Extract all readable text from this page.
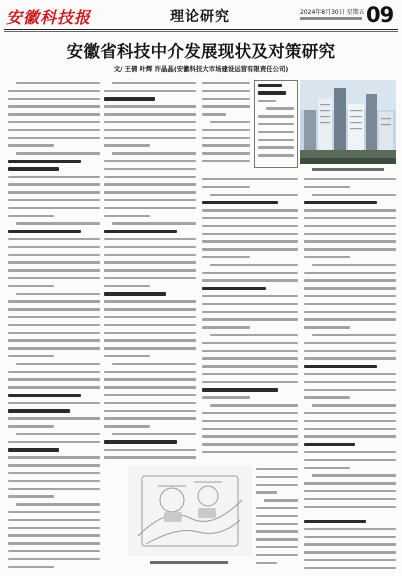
安徽科技报	理论研究	2024年8月30日 星期五 09
安徽省科技中介发展现状及对策研究
文/ 王倩 叶辉 许晶晶(安徽科技大市场建设运营有限责任公司)
